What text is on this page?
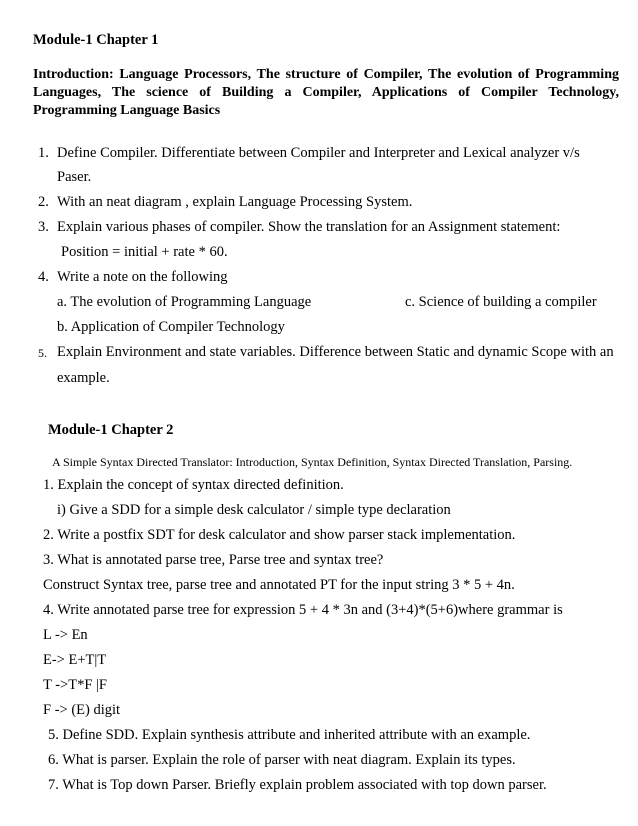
Module-1 Chapter 1
Introduction: Language Processors, The structure of Compiler, The evolution of Programming Languages, The science of Building a Compiler, Applications of Compiler Technology, Programming Language Basics
1. Define Compiler. Differentiate between Compiler and Interpreter and Lexical analyzer v/s
Paser.
2. With an neat diagram , explain Language Processing System.
3. Explain various phases of compiler. Show the translation for an Assignment statement:
Position = initial + rate * 60.
4. Write a note on the following
a. The evolution of Programming Language	c. Science of building a compiler
b. Application of Compiler Technology
5. Explain Environment and state variables. Difference between Static and dynamic Scope with an
example.
Module-1 Chapter 2
A Simple Syntax Directed Translator: Introduction, Syntax Definition, Syntax Directed Translation, Parsing.
1. Explain the concept of syntax directed definition.
i) Give a SDD for a simple desk calculator / simple type declaration
2. Write a postfix SDT for desk calculator and show parser stack implementation.
3. What is annotated parse tree, Parse tree and syntax tree?
Construct Syntax tree, parse tree and annotated PT for the input string 3 * 5 + 4n.
4. Write annotated parse tree for expression 5 + 4 * 3n and (3+4)*(5+6)where grammar is
L -> En
E-> E+T|T
T ->T*F |F
F -> (E) digit
5. Define SDD. Explain synthesis attribute and inherited attribute with an example.
6. What is parser. Explain the role of parser with neat diagram. Explain its types.
7. What is Top down Parser. Briefly explain problem associated with top down parser.
